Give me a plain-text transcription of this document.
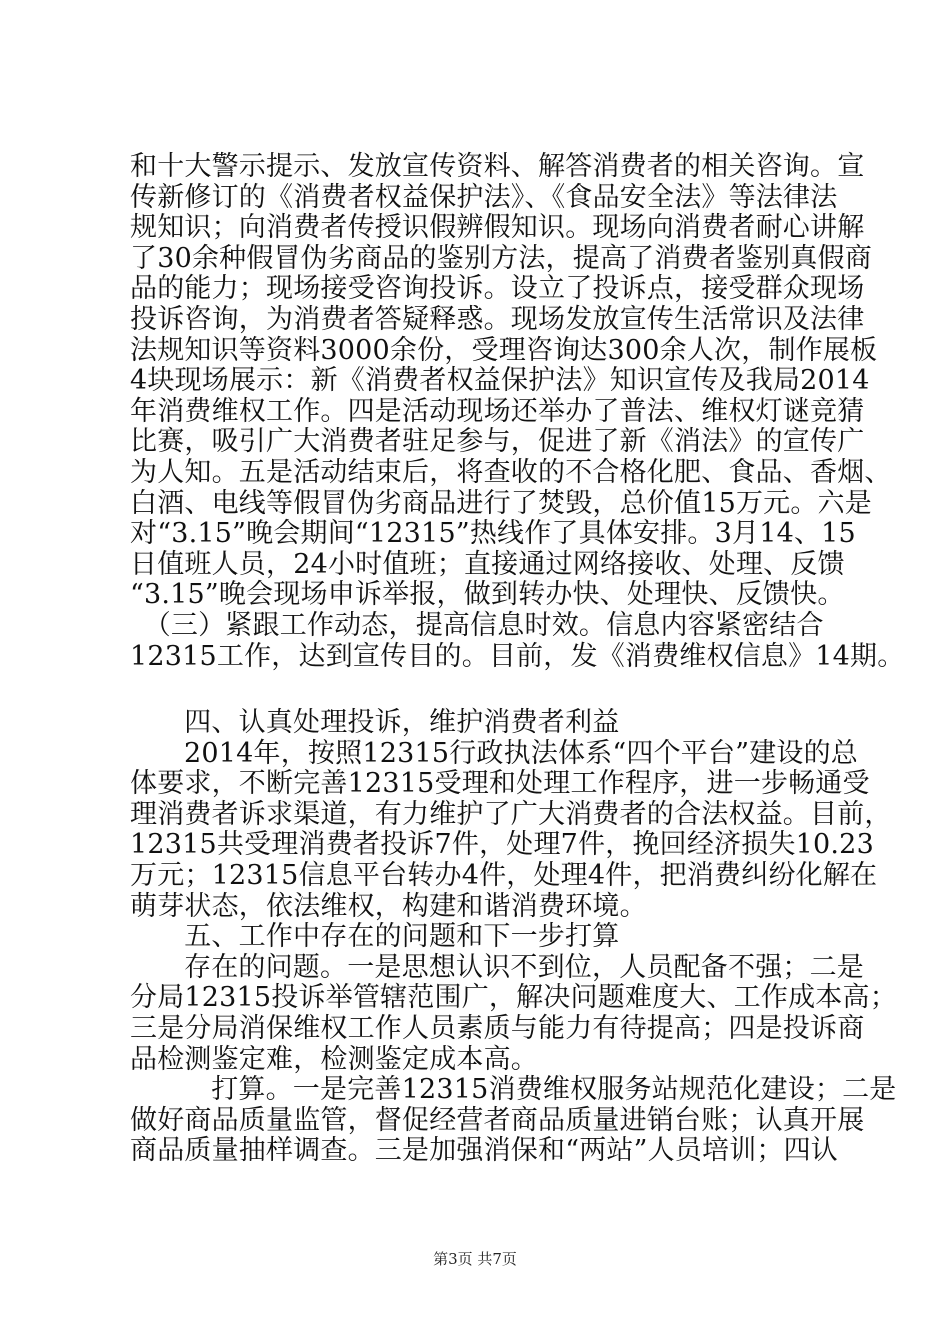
和十大警示提示、发放宣传资料、解答消费者的相关咨询。宣
传新修订的《消费者权益保护法》、《食品安全法》等法律法
规知识；向消费者传授识假辨假知识。现场向消费者耐心讲解
了30余种假冒伪劣商品的鉴别方法，提高了消费者鉴别真假商
品的能力；现场接受咨询投诉。设立了投诉点，接受群众现场
投诉咨询，为消费者答疑释惑。现场发放宣传生活常识及法律
法规知识等资料3000余份，受理咨询达300余人次，制作展板
4块现场展示：新《消费者权益保护法》知识宣传及我局2014
年消费维权工作。四是活动现场还举办了普法、维权灯谜竞猜
比赛，吸引广大消费者驻足参与，促进了新《消法》的宣传广
为人知。五是活动结束后，将查收的不合格化肥、食品、香烟、
白酒、电线等假冒伪劣商品进行了焚毁，总价值15万元。六是
对“3.15”晚会期间“12315”热线作了具体安排。3月14、15
日值班人员，24小时值班；直接通过网络接收、处理、反馈
“3.15”晚会现场申诉举报，做到转办快、处理快、反馈快。
　（三）紧跟工作动态，提高信息时效。信息内容紧密结合
12315工作，达到宣传目的。目前，发《消费维权信息》14期。
　四、认真处理投诉，维护消费者利益
2014年，按照12315行政执法体系“四个平台”建设的总
体要求，不断完善12315受理和处理工作程序，进一步畅通受
理消费者诉求渠道，有力维护了广大消费者的合法权益。目前，
12315共受理消费者投诉7件，处理7件，挽回经济损失10.23
万元；12315信息平台转办4件，处理4件，把消费纠纷化解在
萌芽状态，依法维权，构建和谐消费环境。
　五、工作中存在的问题和下一步打算
存在的问题。一是思想认识不到位，人员配备不强；二是
分局12315投诉举管辖范围广，解决问题难度大、工作成本高；
三是分局消保维权工作人员素质与能力有待提高；四是投诉商
品检测鉴定难，检测鉴定成本高。
　打算。一是完善12315消费维权服务站规范化建设；二是
做好商品质量监管，督促经营者商品质量进销台账；认真开展
商品质量抽样调查。三是加强消保和“两站”人员培训；四认
第3页 共7页
